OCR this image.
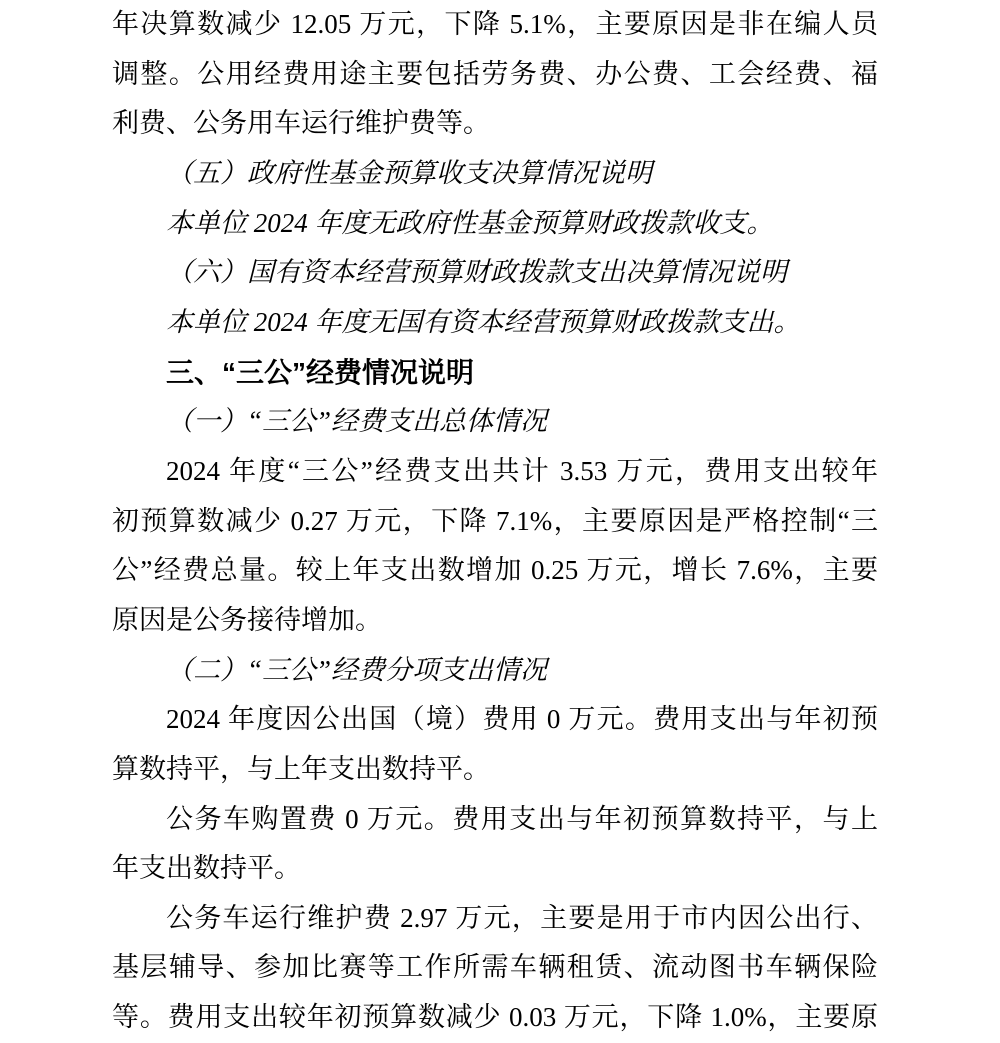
年决算数减少 12.05 万元，下降 5.1%，主要原因是非在编人员
调整。公用经费用途主要包括劳务费、办公费、工会经费、福
利费、公务用车运行维护费等。
（五）政府性基金预算收支决算情况说明
本单位 2024 年度无政府性基金预算财政拨款收支。
（六）国有资本经营预算财政拨款支出决算情况说明
本单位 2024 年度无国有资本经营预算财政拨款支出。
三、“三公”经费情况说明
（一）“三公”经费支出总体情况
2024 年度“三公”经费支出共计 3.53 万元，费用支出较年
初预算数减少 0.27 万元，下降 7.1%，主要原因是严格控制“三
公”经费总量。较上年支出数增加 0.25 万元，增长 7.6%，主要
原因是公务接待增加。
（二）“三公”经费分项支出情况
2024 年度因公出国（境）费用 0 万元。费用支出与年初预
算数持平，与上年支出数持平。
公务车购置费 0 万元。费用支出与年初预算数持平，与上
年支出数持平。
公务车运行维护费 2.97 万元，主要是用于市内因公出行、
基层辅导、参加比赛等工作所需车辆租赁、流动图书车辆保险
等。费用支出较年初预算数减少 0.03 万元，下降 1.0%，主要原
